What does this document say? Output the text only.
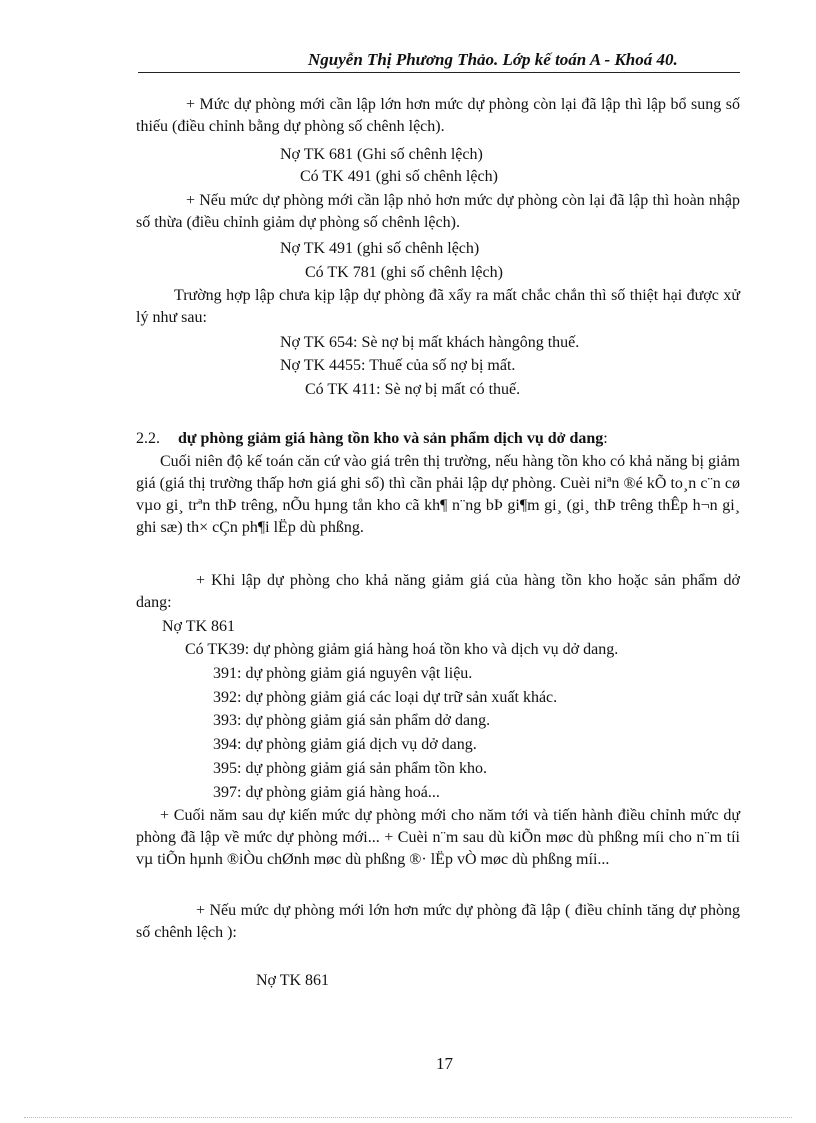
Nguyễn Thị Phương Thảo. Lớp kế toán A - Khoá 40.
+ Mức dự phòng mới cần lập lớn hơn mức dự phòng còn lại đã lập thì lập bổ sung số thiếu (điều chỉnh bằng dự phòng số chênh lệch).
Nợ TK 681 (Ghi số chênh lệch)
Có TK 491 (ghi số chênh lệch)
+ Nếu mức dự phòng mới cần lập nhỏ hơn mức dự phòng còn lại đã lập thì hoàn nhập số thừa (điều chỉnh giảm dự phòng số chênh lệch).
Nợ TK 491 (ghi số chênh lệch)
Có TK 781 (ghi số chênh lệch)
Trường hợp lập chưa kịp lập dự phòng đã xẩy ra mất chắc chắn thì số thiệt hại được xử lý như sau:
Nợ TK 654: Sè nợ bị mất khách hàngông thuế.
Nợ TK 4455: Thuế của số nợ bị mất.
Có TK 411: Sè nợ bị mất có thuế.
2.2. dự phòng giảm giá hàng tồn kho và sản phẩm dịch vụ dở dang:
Cuối niên độ kế toán căn cứ vào giá trên thị trường, nếu hàng tồn kho có khả năng bị giảm giá (giá thị trường thấp hơn giá ghi sổ) thì cần phải lập dự phòng. Cuèi niªn ®é kÕ to¸n c¨n cø vµo gi¸ trªn thÞ trêng, nÕu hµng tån kho cã kh¶ n¨ng bÞ gi¶m gi¸ (gi¸ thÞ trêng thÊp h¬n gi¸ ghi sæ) th× cÇn ph¶i lËp dù phßng.
+ Khi lập dự phòng cho khả năng giảm giá của hàng tồn kho hoặc sản phẩm dở dang:
Nợ TK 861
Có TK39: dự phòng giảm giá hàng hoá tồn kho và dịch vụ dở dang.
391: dự phòng giảm giá nguyên vật liệu.
392: dự phòng giảm giá các loại dự trữ sản xuất khác.
393: dự phòng giảm giá sản phẩm dở dang.
394: dự phòng giảm giá dịch vụ dở dang.
395: dự phòng giảm giá sản phẩm tồn kho.
397: dự phòng giảm giá hàng hoá...
+ Cuối năm sau dự kiến mức dự phòng mới cho năm tới và tiến hành điều chỉnh mức dự phòng đã lập về mức dự phòng mới... + Cuèi n¨m sau dù kiÕn møc dù phßng míi cho n¨m tíi vµ tiÕn hµnh ®iÒu chØnh møc dù phßng ®· lËp vÒ møc dù phßng míi...
+ Nếu mức dự phòng mới lớn hơn mức dự phòng đã lập ( điều chỉnh tăng dự phòng số chênh lệch ):
Nợ TK 861
17
